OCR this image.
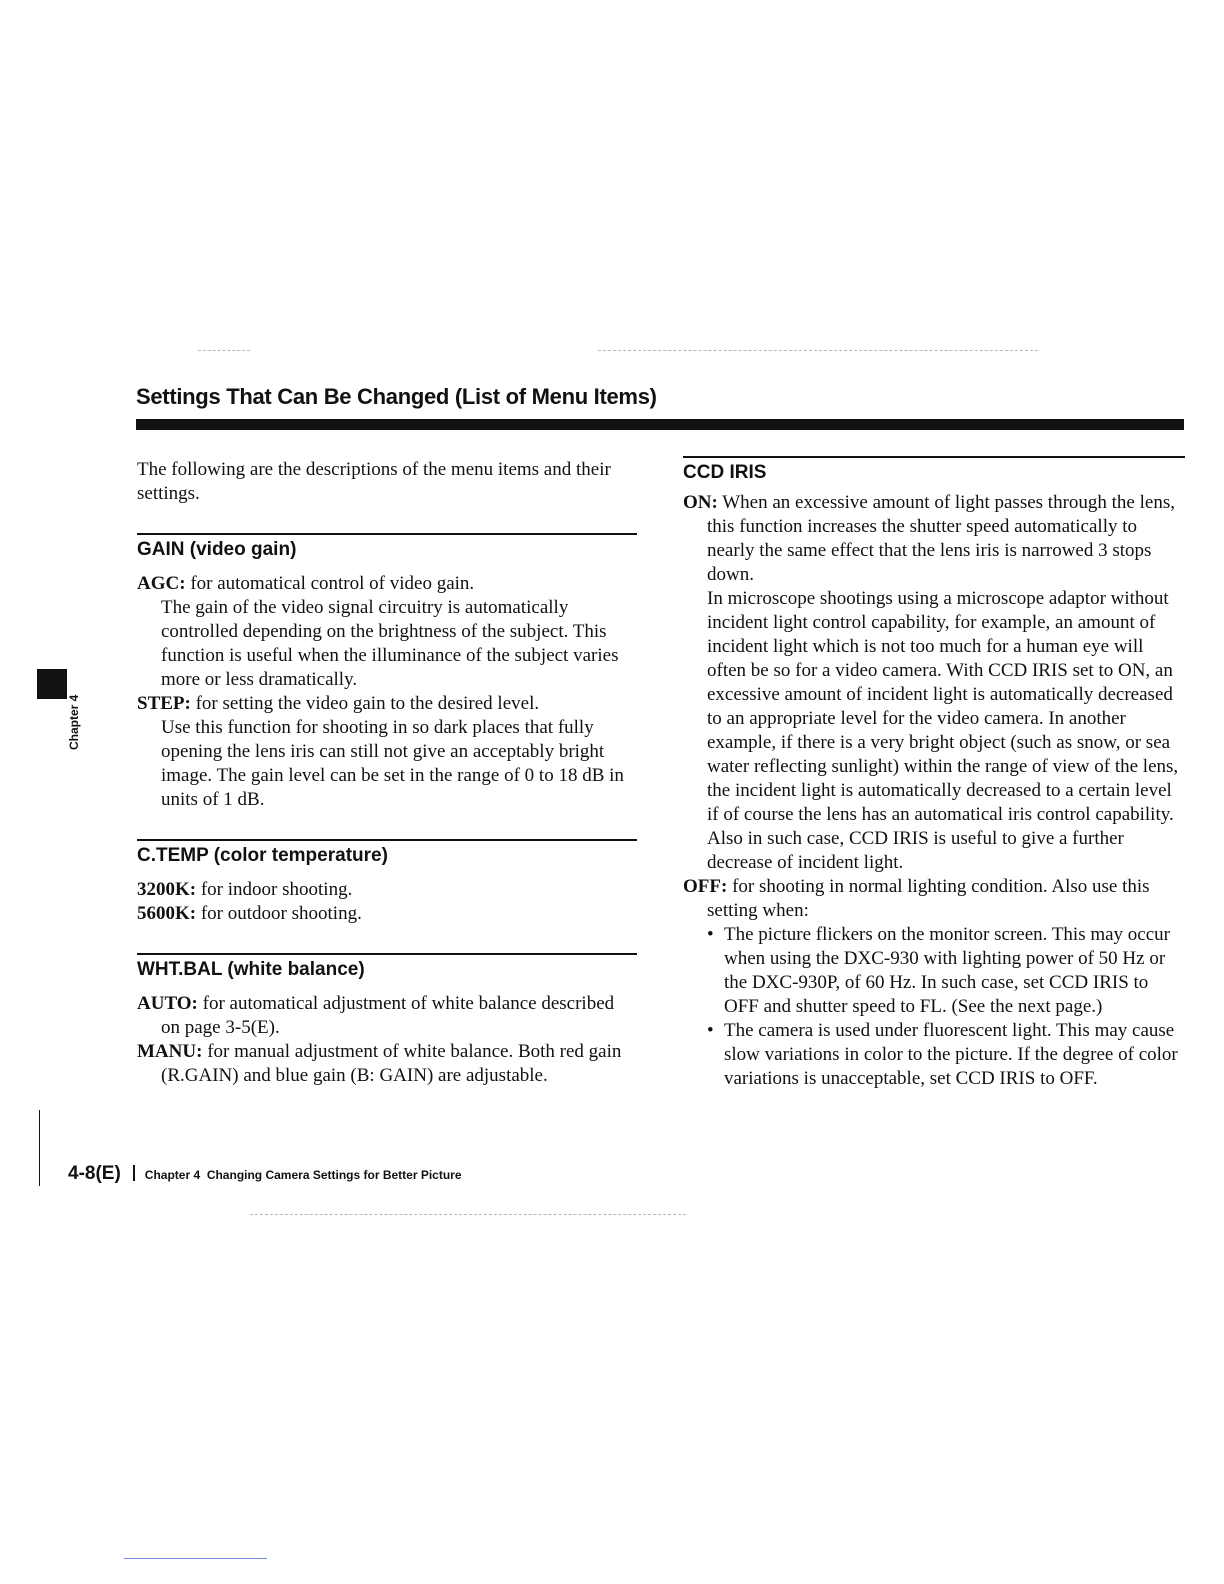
Settings That Can Be Changed (List of Menu Items)
Chapter 4

The following are the descriptions of the menu items and their settings.

GAIN (video gain)

AGC: for automatical control of video gain.

The gain of the video signal circuitry is automatically controlled depending on the brightness of the subject. This function is useful when the illuminance of the subject varies more or less dramatically.

STEP: for setting the video gain to the desired level.

Use this function for shooting in so dark places that fully opening the lens iris can still not give an acceptably bright image. The gain level can be set in the range of 0 to 18 dB in units of 1 dB.

C.TEMP (color temperature)

3200K: for indoor shooting.

5600K: for outdoor shooting.

WHT.BAL (white balance)

AUTO: for automatical adjustment of white balance described on page 3-5(E).

MANU: for manual adjustment of white balance. Both red gain (R.GAIN) and blue gain (B: GAIN) are adjustable.

CCD IRIS

ON: When an excessive amount of light passes through the lens, this function increases the shutter speed automatically to nearly the same effect that the lens iris is narrowed 3 stops down.

In microscope shootings using a microscope adaptor without incident light control capability, for example, an amount of incident light which is not too much for a human eye will often be so for a video camera. With CCD IRIS set to ON, an excessive amount of incident light is automatically decreased to an appropriate level for the video camera. In another example, if there is a very bright object (such as snow, or sea water reflecting sunlight) within the range of view of the lens, the incident light is automatically decreased to a certain level if of course the lens has an automatical iris control capability. Also in such case, CCD IRIS is useful to give a further decrease of incident light.

OFF: for shooting in normal lighting condition. Also use this setting when:

• The picture flickers on the monitor screen. This may occur when using the DXC-930 with lighting power of 50 Hz or the DXC-930P, of 60 Hz. In such case, set CCD IRIS to OFF and shutter speed to FL. (See the next page.)
• The camera is used under fluorescent light. This may cause slow variations in color to the picture. If the degree of color variations is unacceptable, set CCD IRIS to OFF.
4-8(E) Chapter 4  Changing Camera Settings for Better Picture
